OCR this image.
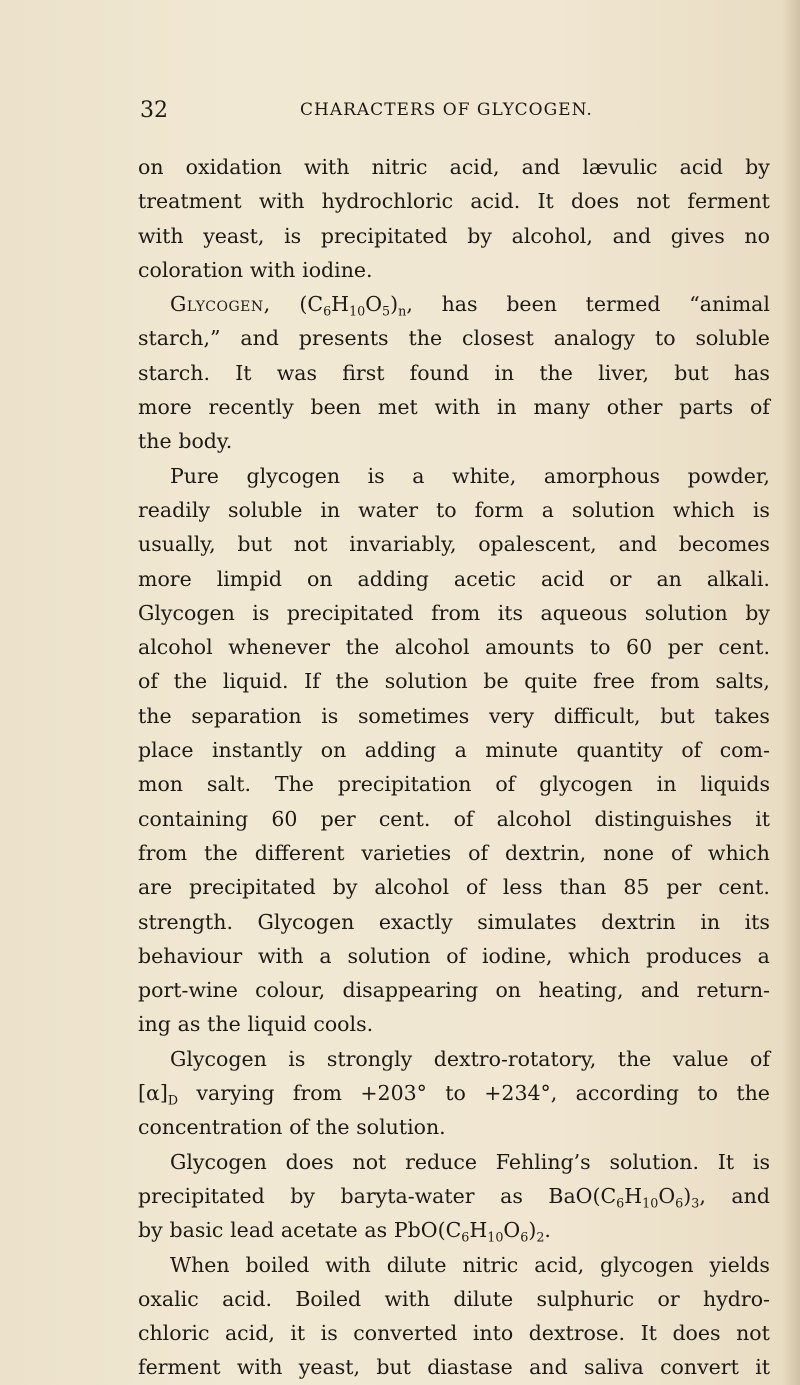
32	CHARACTERS OF GLYCOGEN.
on oxidation with nitric acid, and lævulic acid by
treatment with hydrochloric acid. It does not ferment
with yeast, is precipitated by alcohol, and gives no
coloration with iodine.
Glycogen, $(C_6H_{10}O_5)_n$, has been termed “animal
starch,” and presents the closest analogy to soluble
starch. It was first found in the liver, but has
more recently been met with in many other parts of
the body.
Pure glycogen is a white, amorphous powder,
readily soluble in water to form a solution which is
usually, but not invariably, opalescent, and becomes
more limpid on adding acetic acid or an alkali.
Glycogen is precipitated from its aqueous solution by
alcohol whenever the alcohol amounts to 60 per cent.
of the liquid. If the solution be quite free from salts,
the separation is sometimes very difficult, but takes
place instantly on adding a minute quantity of com-
mon salt. The precipitation of glycogen in liquids
containing 60 per cent. of alcohol distinguishes it
from the different varieties of dextrin, none of which
are precipitated by alcohol of less than 85 per cent.
strength. Glycogen exactly simulates dextrin in its
behaviour with a solution of iodine, which produces a
port-wine colour, disappearing on heating, and return-
ing as the liquid cools.
Glycogen is strongly dextro-rotatory, the value of
$[\alpha]_D$ varying from +203° to +234°, according to the
concentration of the solution.
Glycogen does not reduce Fehling’s solution. It is
precipitated by baryta-water as $BaO(C_6H_{10}O_6)_3$, and
by basic lead acetate as $PbO(C_6H_{10}O_6)_2$.
When boiled with dilute nitric acid, glycogen yields
oxalic acid. Boiled with dilute sulphuric or hydro-
chloric acid, it is converted into dextrose. It does not
ferment with yeast, but diastase and saliva convert it
